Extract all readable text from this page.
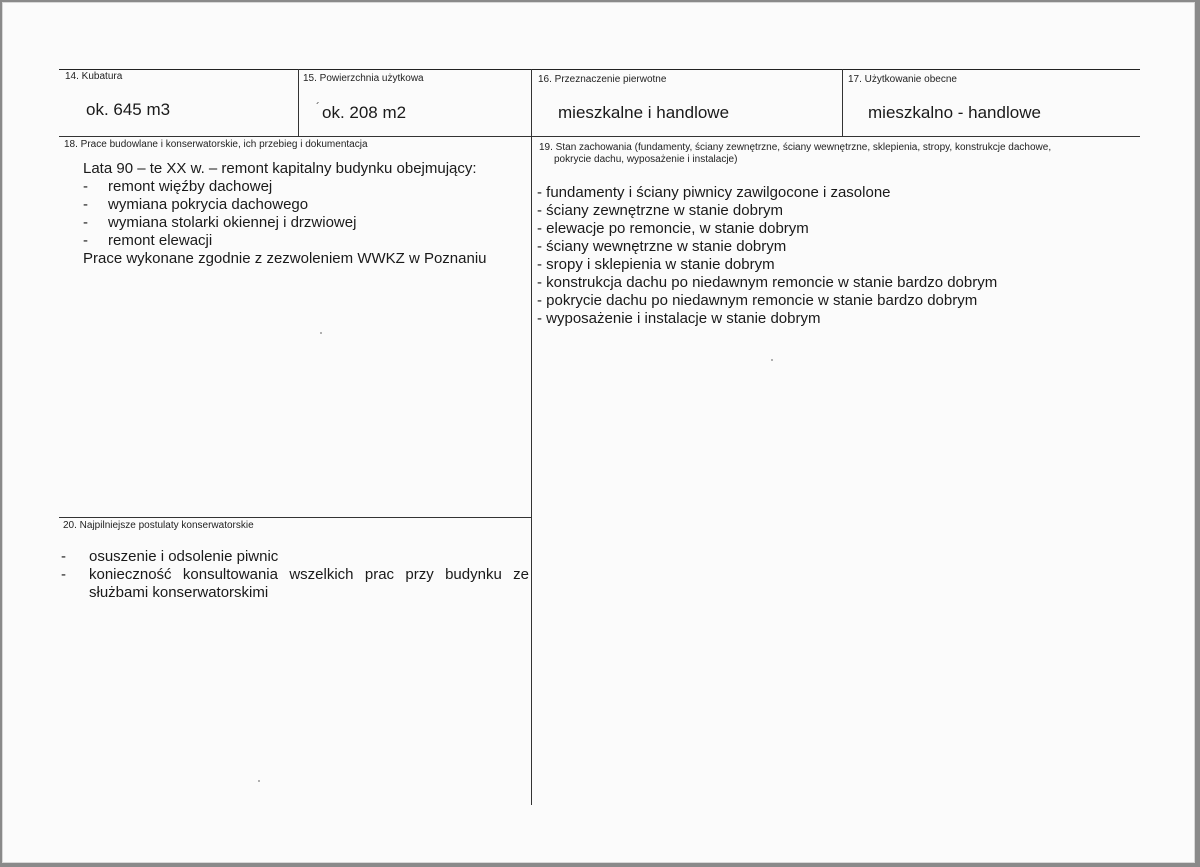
14. Kubatura
ok. 645 m3
15. Powierzchnia użytkowa
´ ok. 208 m2
16. Przeznaczenie pierwotne
mieszkalne i handlowe
17. Użytkowanie obecne
mieszkalno - handlowe
18. Prace budowlane i konserwatorskie, ich przebieg i dokumentacja
Lata 90 – te XX w. – remont kapitalny budynku obejmujący:
- remont więźby dachowej
- wymiana pokrycia dachowego
- wymiana stolarki okiennej i drzwiowej
- remont elewacji
Prace wykonane zgodnie z zezwoleniem WWKZ w Poznaniu
19. Stan zachowania (fundamenty, ściany zewnętrzne, ściany wewnętrzne, sklepienia, stropy, konstrukcje dachowe,
pokrycie dachu, wyposażenie i instalacje)
- fundamenty i ściany piwnicy zawilgocone i zasolone
- ściany zewnętrzne w stanie dobrym
- elewacje po remoncie, w stanie dobrym
- ściany wewnętrzne w stanie dobrym
- sropy i sklepienia w stanie dobrym
- konstrukcja dachu po niedawnym remoncie w stanie bardzo dobrym
- pokrycie dachu po niedawnym remoncie w stanie bardzo dobrym
- wyposażenie i instalacje w stanie dobrym
20. Najpilniejsze postulaty konserwatorskie
- osuszenie i odsolenie piwnic
- konieczność konsultowania wszelkich prac przy budynku ze
służbami konserwatorskimi
